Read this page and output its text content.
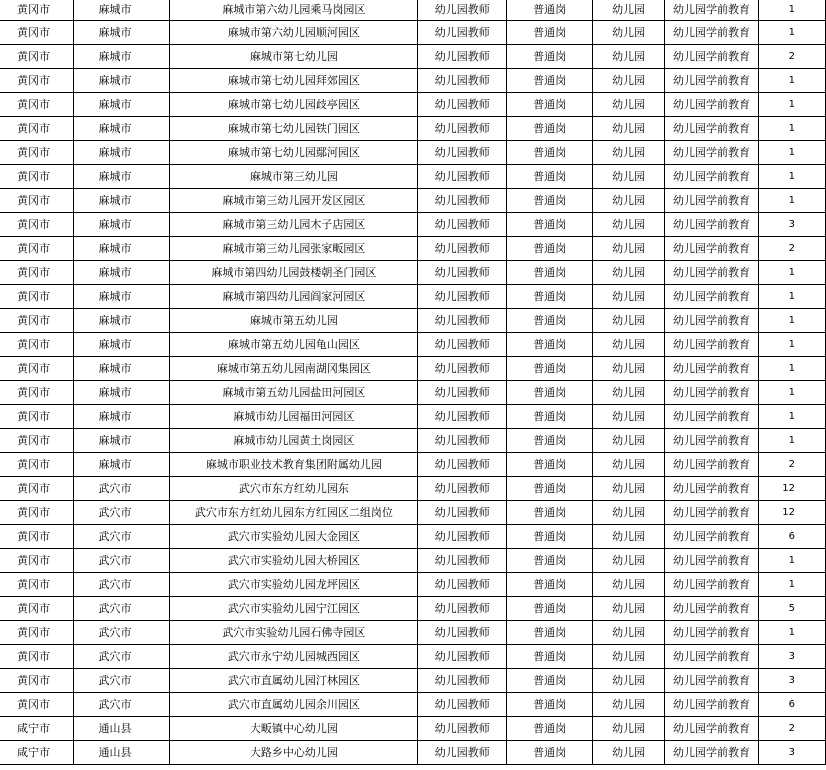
黄冈市	麻城市	麻城市第六幼儿园乘马岗园区	幼儿园教师	普通岗	幼儿园	幼儿园学前教育	1
黄冈市	麻城市	麻城市第六幼儿园顺河园区	幼儿园教师	普通岗	幼儿园	幼儿园学前教育	1
黄冈市	麻城市	麻城市第七幼儿园	幼儿园教师	普通岗	幼儿园	幼儿园学前教育	2
黄冈市	麻城市	麻城市第七幼儿园拜郊园区	幼儿园教师	普通岗	幼儿园	幼儿园学前教育	1
黄冈市	麻城市	麻城市第七幼儿园歧亭园区	幼儿园教师	普通岗	幼儿园	幼儿园学前教育	1
黄冈市	麻城市	麻城市第七幼儿园铁门园区	幼儿园教师	普通岗	幼儿园	幼儿园学前教育	1
黄冈市	麻城市	麻城市第七幼儿园鄢河园区	幼儿园教师	普通岗	幼儿园	幼儿园学前教育	1
黄冈市	麻城市	麻城市第三幼儿园	幼儿园教师	普通岗	幼儿园	幼儿园学前教育	1
黄冈市	麻城市	麻城市第三幼儿园开发区园区	幼儿园教师	普通岗	幼儿园	幼儿园学前教育	1
黄冈市	麻城市	麻城市第三幼儿园木子店园区	幼儿园教师	普通岗	幼儿园	幼儿园学前教育	3
黄冈市	麻城市	麻城市第三幼儿园张家畈园区	幼儿园教师	普通岗	幼儿园	幼儿园学前教育	2
黄冈市	麻城市	麻城市第四幼儿园鼓楼朝圣门园区	幼儿园教师	普通岗	幼儿园	幼儿园学前教育	1
黄冈市	麻城市	麻城市第四幼儿园阎家河园区	幼儿园教师	普通岗	幼儿园	幼儿园学前教育	1
黄冈市	麻城市	麻城市第五幼儿园	幼儿园教师	普通岗	幼儿园	幼儿园学前教育	1
黄冈市	麻城市	麻城市第五幼儿园龟山园区	幼儿园教师	普通岗	幼儿园	幼儿园学前教育	1
黄冈市	麻城市	麻城市第五幼儿园南湖冈集园区	幼儿园教师	普通岗	幼儿园	幼儿园学前教育	1
黄冈市	麻城市	麻城市第五幼儿园盐田河园区	幼儿园教师	普通岗	幼儿园	幼儿园学前教育	1
黄冈市	麻城市	麻城市幼儿园福田河园区	幼儿园教师	普通岗	幼儿园	幼儿园学前教育	1
黄冈市	麻城市	麻城市幼儿园黄土岗园区	幼儿园教师	普通岗	幼儿园	幼儿园学前教育	1
黄冈市	麻城市	麻城市职业技术教育集团附属幼儿园	幼儿园教师	普通岗	幼儿园	幼儿园学前教育	2
黄冈市	武穴市	武穴市东方红幼儿园东	幼儿园教师	普通岗	幼儿园	幼儿园学前教育	12
黄冈市	武穴市	武穴市东方红幼儿园东方红园区二组岗位	幼儿园教师	普通岗	幼儿园	幼儿园学前教育	12
黄冈市	武穴市	武穴市实验幼儿园大金园区	幼儿园教师	普通岗	幼儿园	幼儿园学前教育	6
黄冈市	武穴市	武穴市实验幼儿园大桥园区	幼儿园教师	普通岗	幼儿园	幼儿园学前教育	1
黄冈市	武穴市	武穴市实验幼儿园龙坪园区	幼儿园教师	普通岗	幼儿园	幼儿园学前教育	1
黄冈市	武穴市	武穴市实验幼儿园宁江园区	幼儿园教师	普通岗	幼儿园	幼儿园学前教育	5
黄冈市	武穴市	武穴市实验幼儿园石佛寺园区	幼儿园教师	普通岗	幼儿园	幼儿园学前教育	1
黄冈市	武穴市	武穴市永宁幼儿园城西园区	幼儿园教师	普通岗	幼儿园	幼儿园学前教育	3
黄冈市	武穴市	武穴市直属幼儿园汀林园区	幼儿园教师	普通岗	幼儿园	幼儿园学前教育	3
黄冈市	武穴市	武穴市直属幼儿园余川园区	幼儿园教师	普通岗	幼儿园	幼儿园学前教育	6
咸宁市	通山县	大畈镇中心幼儿园	幼儿园教师	普通岗	幼儿园	幼儿园学前教育	2
咸宁市	通山县	大路乡中心幼儿园	幼儿园教师	普通岗	幼儿园	幼儿园学前教育	3
